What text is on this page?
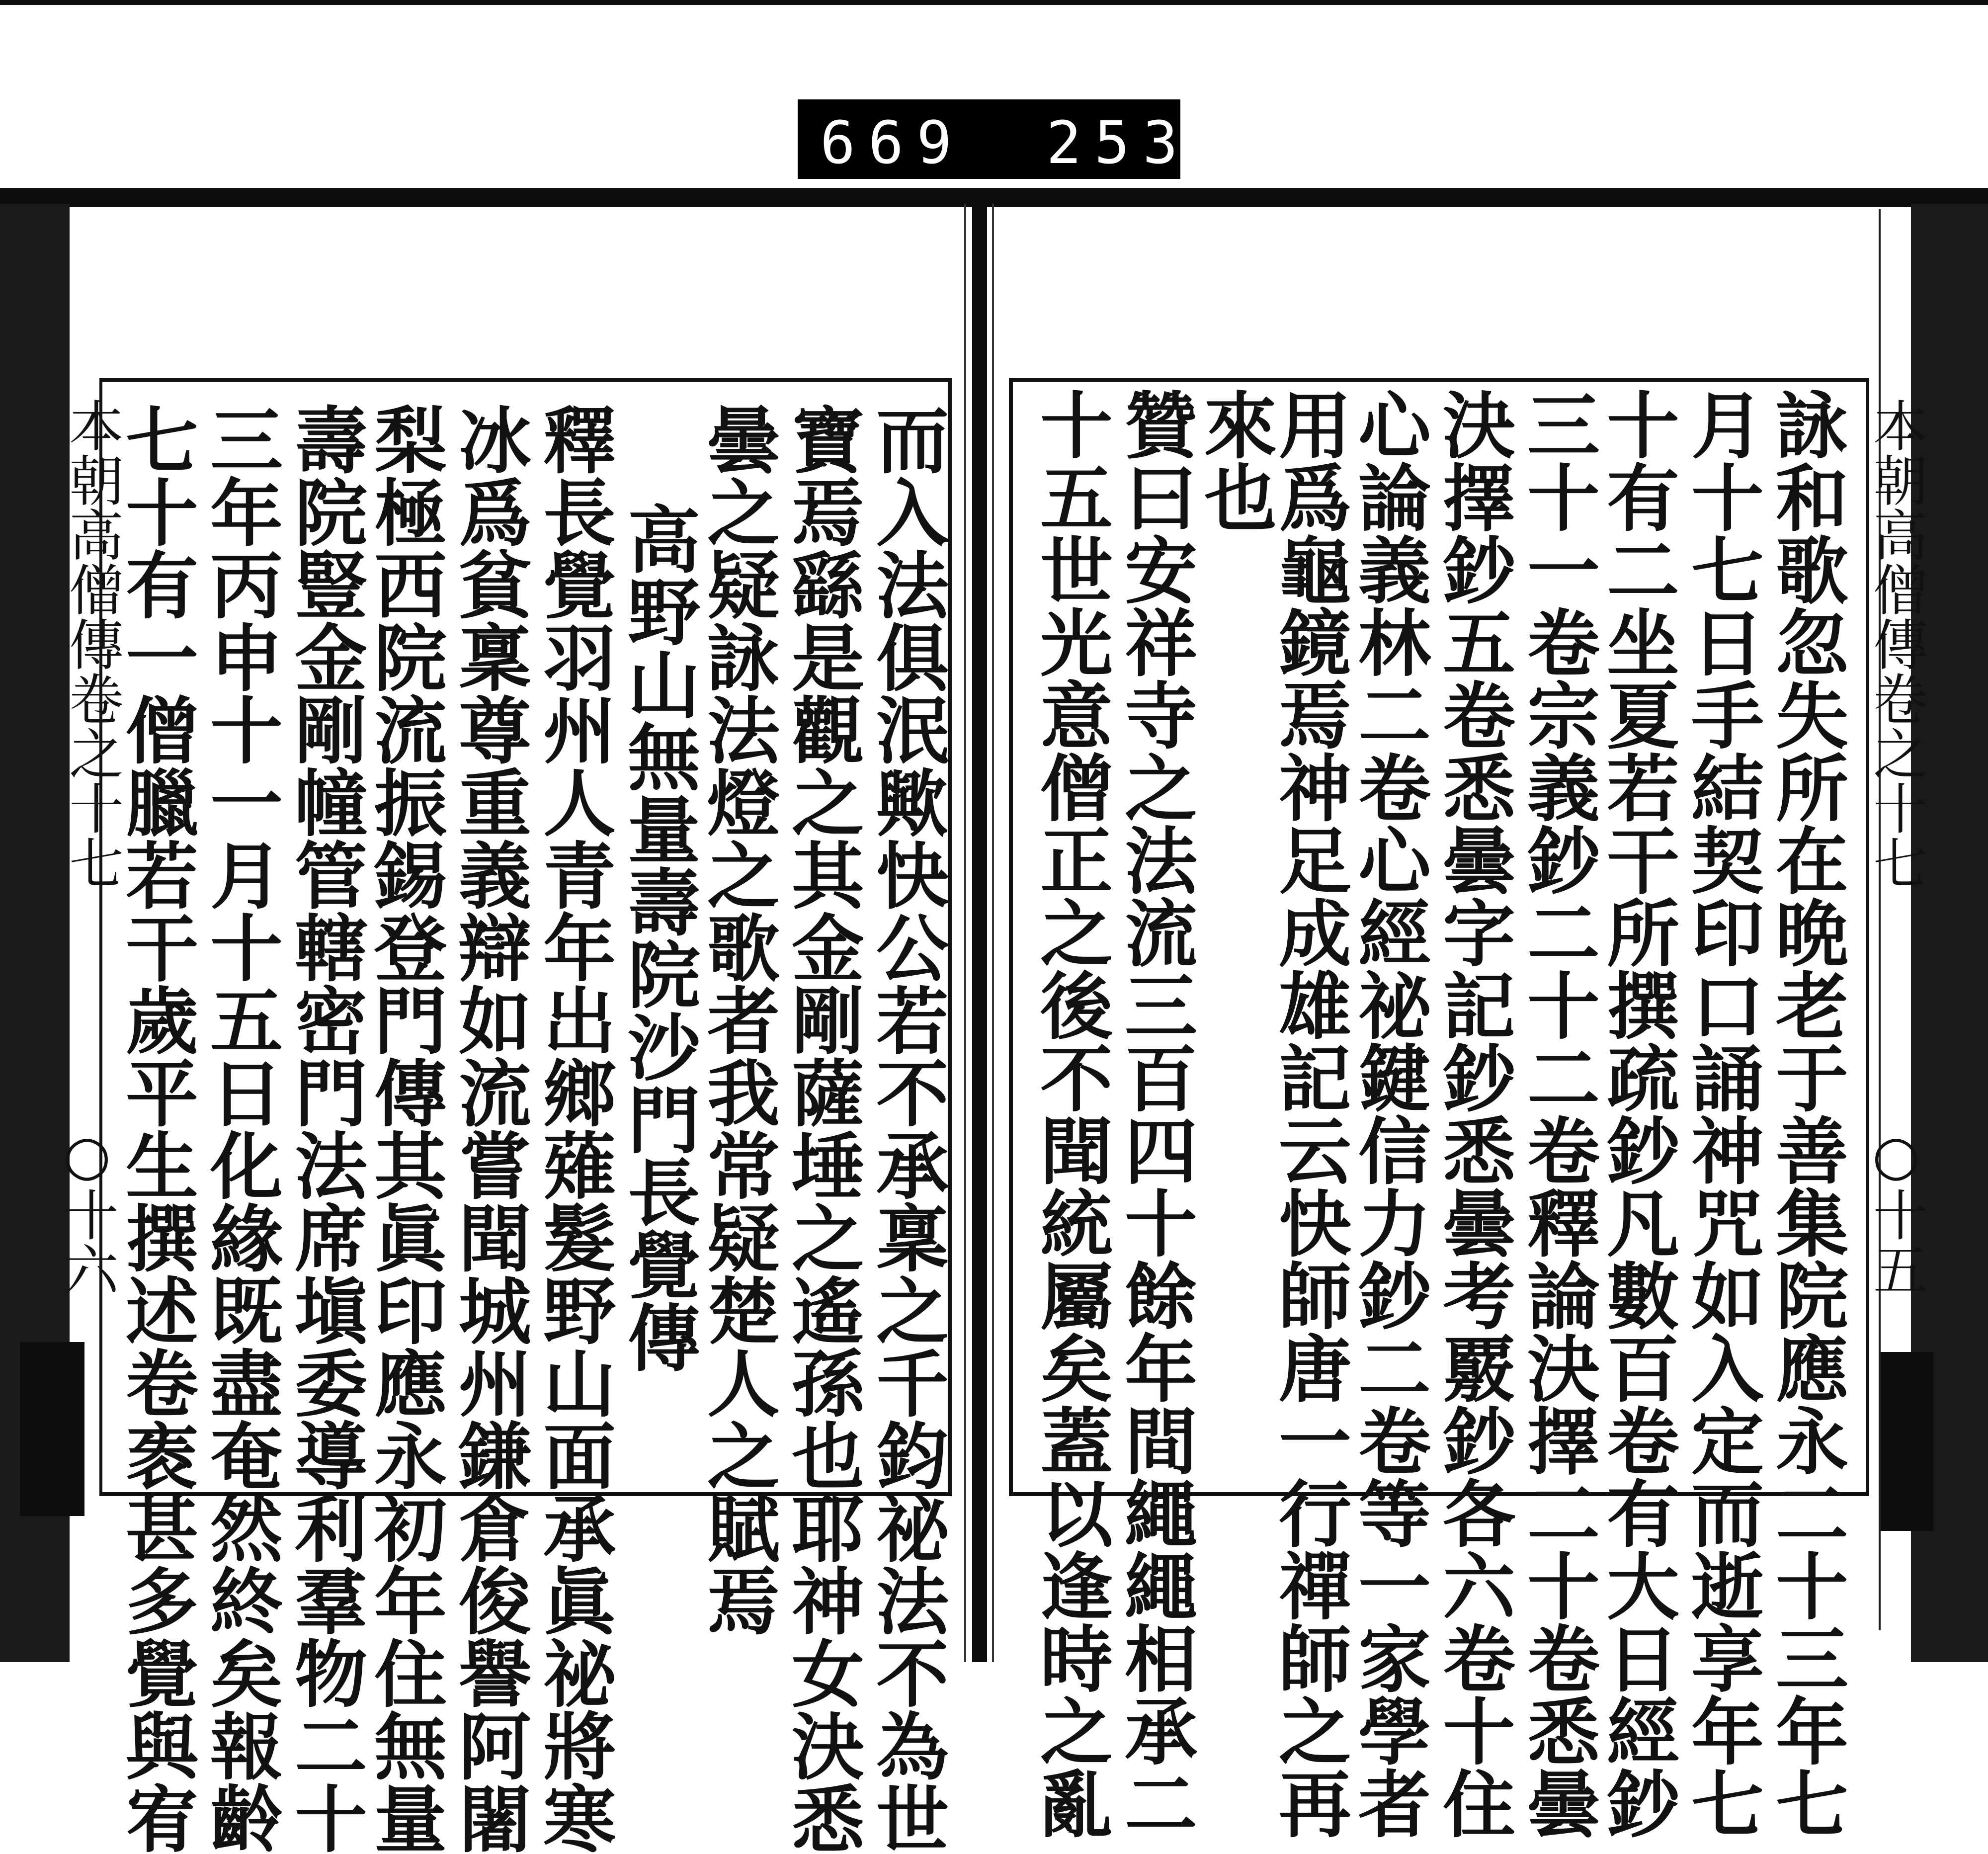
669 253.
本朝高僧傳卷之十七
○十六	而入法俱泯歟快公若不承稟之千鈞祕法不為世
寶焉繇是觀之其金剛薩埵之遙孫也耶神女決悉
曇之疑詠法燈之歌者我常疑楚人之賦焉
高野山無量壽院沙門長覺傳
釋長覺羽州人青年出鄉薙髮野山面承眞祕將寒
冰爲貧稟尊重義辯如流嘗聞城州鎌倉俊譽阿闍
梨極西院流振錫登門傳其眞印應永初年住無量
壽院豎金剛幢管轄密門法席塡委導利羣物二十
三年丙申十一月十五日化緣既盡奄然終矣報齡
七十有一僧臘若干歲平生撰述卷袠甚多覺與宥	本朝高僧傳卷之十七
○十五
詠和歌忽失所在晩老于善集院應永二十三年七
月十七日手結契印口誦神咒如入定而逝享年七
十有二坐夏若干所撰疏鈔凡數百卷有大日經鈔
三十一卷宗義鈔二十二卷釋論決擇二十卷悉曇
決擇鈔五卷悉曇字記鈔悉曇考覈鈔各六卷十住
心論義林二卷心經祕鍵信力鈔二卷等一家學者
用爲龜鏡焉神足成雄記云快師唐一行禪師之再
來也
贊曰安祥寺之法流三百四十餘年間繩繩相承二
十五世光意僧正之後不聞統屬矣蓋以逢時之亂
